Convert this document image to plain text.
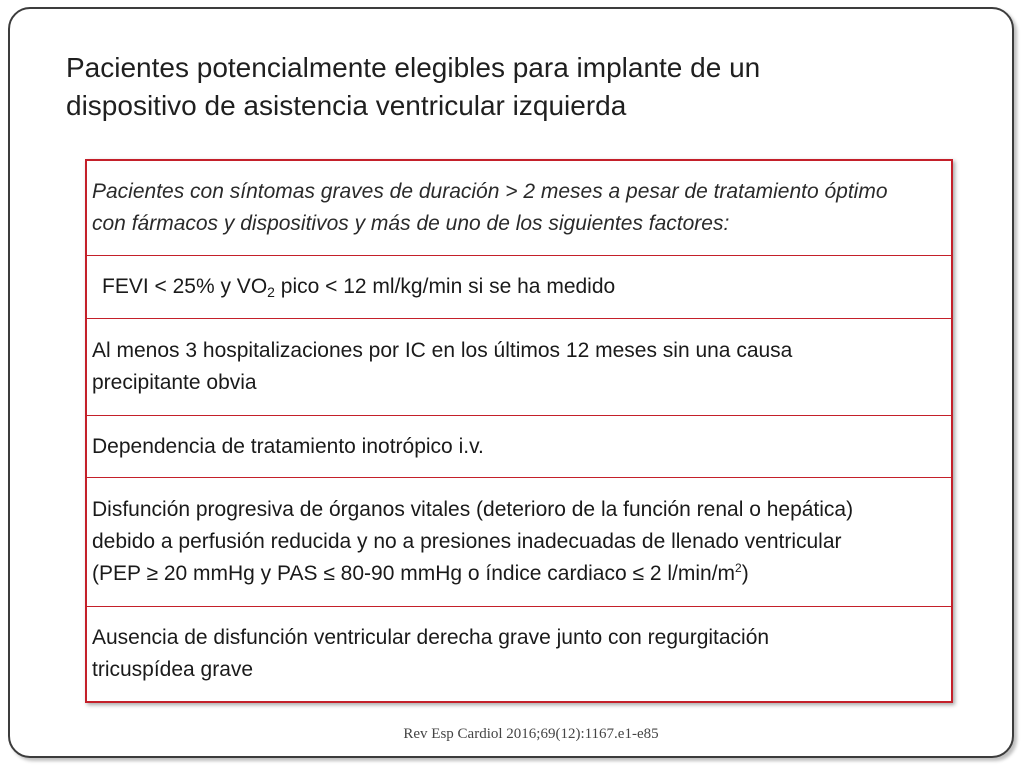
Pacientes potencialmente elegibles para implante de un
dispositivo de asistencia ventricular izquierda
Pacientes con síntomas graves de duración > 2 meses a pesar de tratamiento óptimo
con fármacos y dispositivos y más de uno de los siguientes factores:
FEVI < 25% y $VO_2$ pico < 12 ml/kg/min si se ha medido
Al menos 3 hospitalizaciones por IC en los últimos 12 meses sin una causa
precipitante obvia
Dependencia de tratamiento inotrópico i.v.
Disfunción progresiva de órganos vitales (deterioro de la función renal o hepática)
debido a perfusión reducida y no a presiones inadecuadas de llenado ventricular
(PEP ≥ 20 mmHg y PAS ≤ 80-90 mmHg o índice cardiaco ≤ 2 $l/\min/m^2$)
Ausencia de disfunción ventricular derecha grave junto con regurgitación
tricuspídea grave
Rev Esp Cardiol 2016;69(12):1167.e1-e85
